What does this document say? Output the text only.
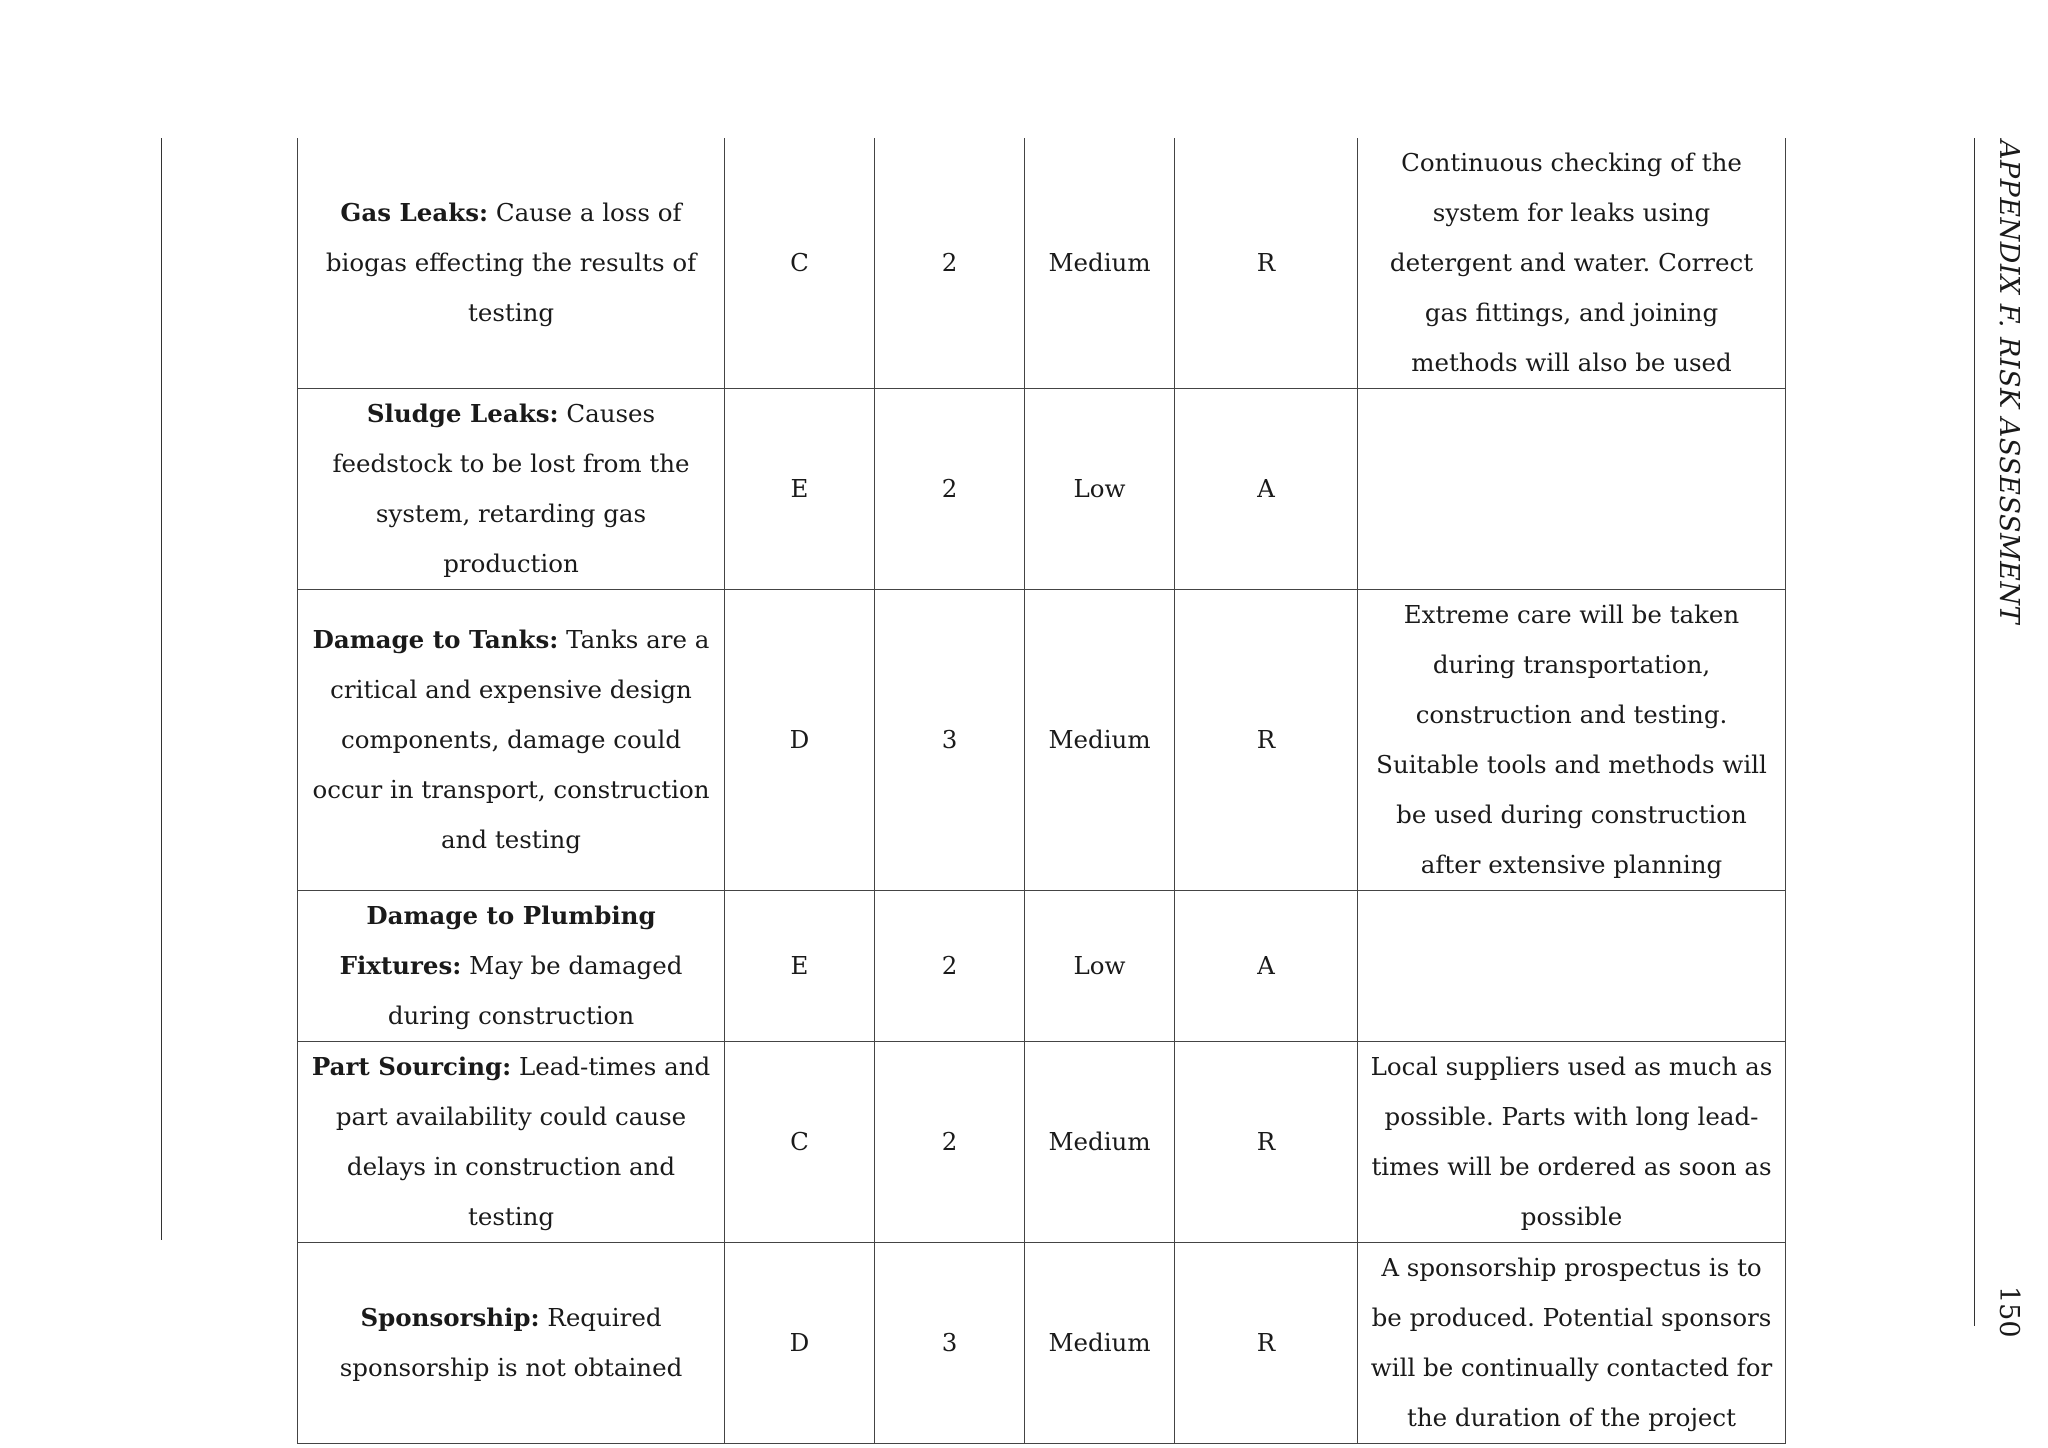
APPENDIX F. RISK ASSESSMENT
150
Gas Leaks: Cause a loss of biogas effecting the results of testing	C	2	Medium	R	Continuous checking of the system for leaks using detergent and water. Correct gas fittings, and joining methods will also be used
Sludge Leaks: Causes feedstock to be lost from the system, retarding gas production	E	2	Low	A	
Damage to Tanks: Tanks are a critical and expensive design components, damage could occur in transport, construction and testing	D	3	Medium	R	Extreme care will be taken during transportation, construction and testing. Suitable tools and methods will be used during construction after extensive planning
Damage to Plumbing Fixtures: May be damaged during construction	E	2	Low	A	
Part Sourcing: Lead-times and part availability could cause delays in construction and testing	C	2	Medium	R	Local suppliers used as much as possible. Parts with long lead-times will be ordered as soon as possible
Sponsorship: Required sponsorship is not obtained	D	3	Medium	R	A sponsorship prospectus is to be produced. Potential sponsors will be continually contacted for the duration of the project
